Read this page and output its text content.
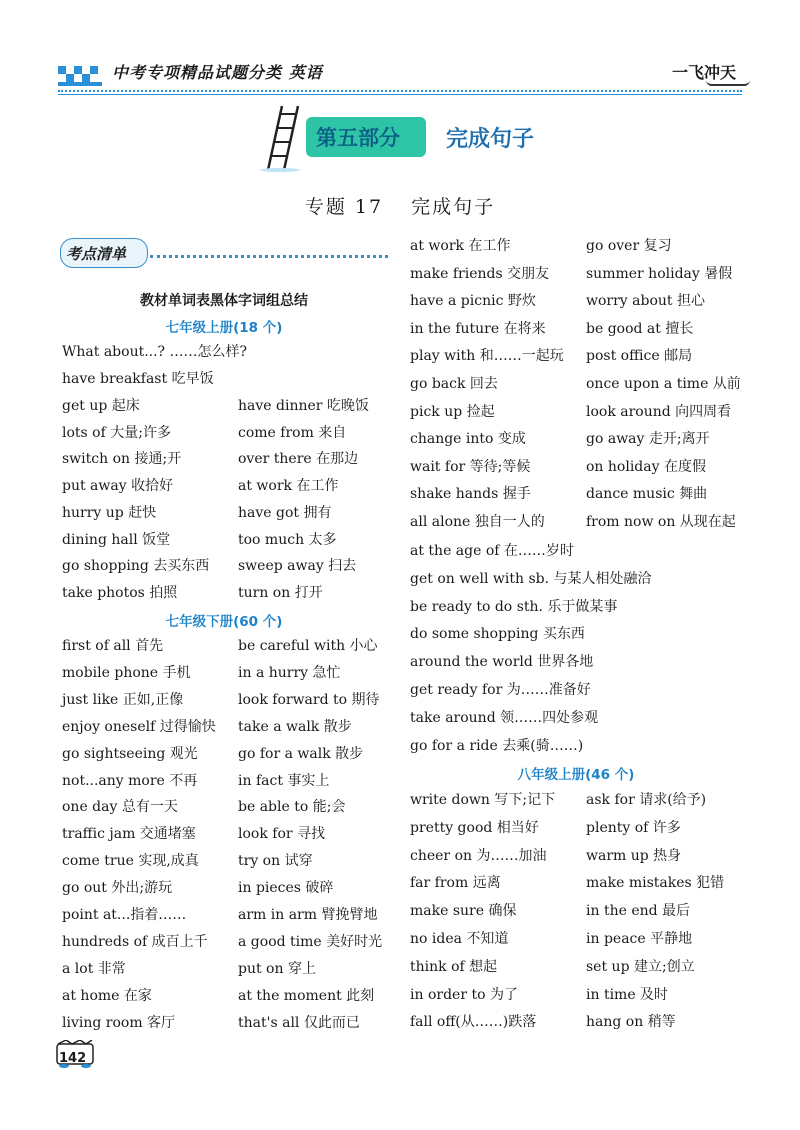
中考专项精品试题分类 英语	一飞冲天
第五部分 完成句子
专题 17 完成句子
考点清单
教材单词表黑体字词组总结
七年级上册(18 个)
What about...? ……怎么样?
have breakfast 吃早饭
get up 起床	have dinner 吃晚饭
lots of 大量;许多	come from 来自
switch on 接通;开	over there 在那边
put away 收拾好	at work 在工作
hurry up 赶快	have got 拥有
dining hall 饭堂	too much 太多
go shopping 去买东西 sweep away 扫去
take photos 拍照	turn on 打开
七年级下册(60 个)
first of all 首先	be careful with 小心
mobile phone 手机	in a hurry 急忙
just like 正如,正像	look forward to 期待
enjoy oneself 过得愉快 take a walk 散步
go sightseeing 观光	go for a walk 散步
not...any more 不再	in fact 事实上
one day 总有一天	be able to 能;会
traffic jam 交通堵塞	look for 寻找
come true 实现,成真	try on 试穿
go out 外出;游玩	in pieces 破碎
point at...指着……	arm in arm 臂挽臂地
hundreds of 成百上千 a good time 美好时光
a lot 非常	put on 穿上
at home 在家	at the moment 此刻
living room 客厅	that's all 仅此而已
at work 在工作	go over 复习
make friends 交朋友	summer holiday 暑假
have a picnic 野炊	worry about 担心
in the future 在将来	be good at 擅长
play with 和……一起玩 post office 邮局
go back 回去	once upon a time 从前
pick up 捡起	look around 向四周看
change into 变成	go away 走开;离开
wait for 等待;等候	on holiday 在度假
shake hands 握手	dance music 舞曲
all alone 独自一人的	from now on 从现在起
at the age of 在……岁时
get on well with sb. 与某人相处融洽
be ready to do sth. 乐于做某事
do some shopping 买东西
around the world 世界各地
get ready for 为……准备好
take around 领……四处参观
go for a ride 去乘(骑……)
八年级上册(46 个)
write down 写下;记下 ask for 请求(给予)
pretty good 相当好	plenty of 许多
cheer on 为……加油	warm up 热身
far from 远离	make mistakes 犯错
make sure 确保	in the end 最后
no idea 不知道	in peace 平静地
think of 想起	set up 建立;创立
in order to 为了	in time 及时
fall off(从……)跌落	hang on 稍等
142
